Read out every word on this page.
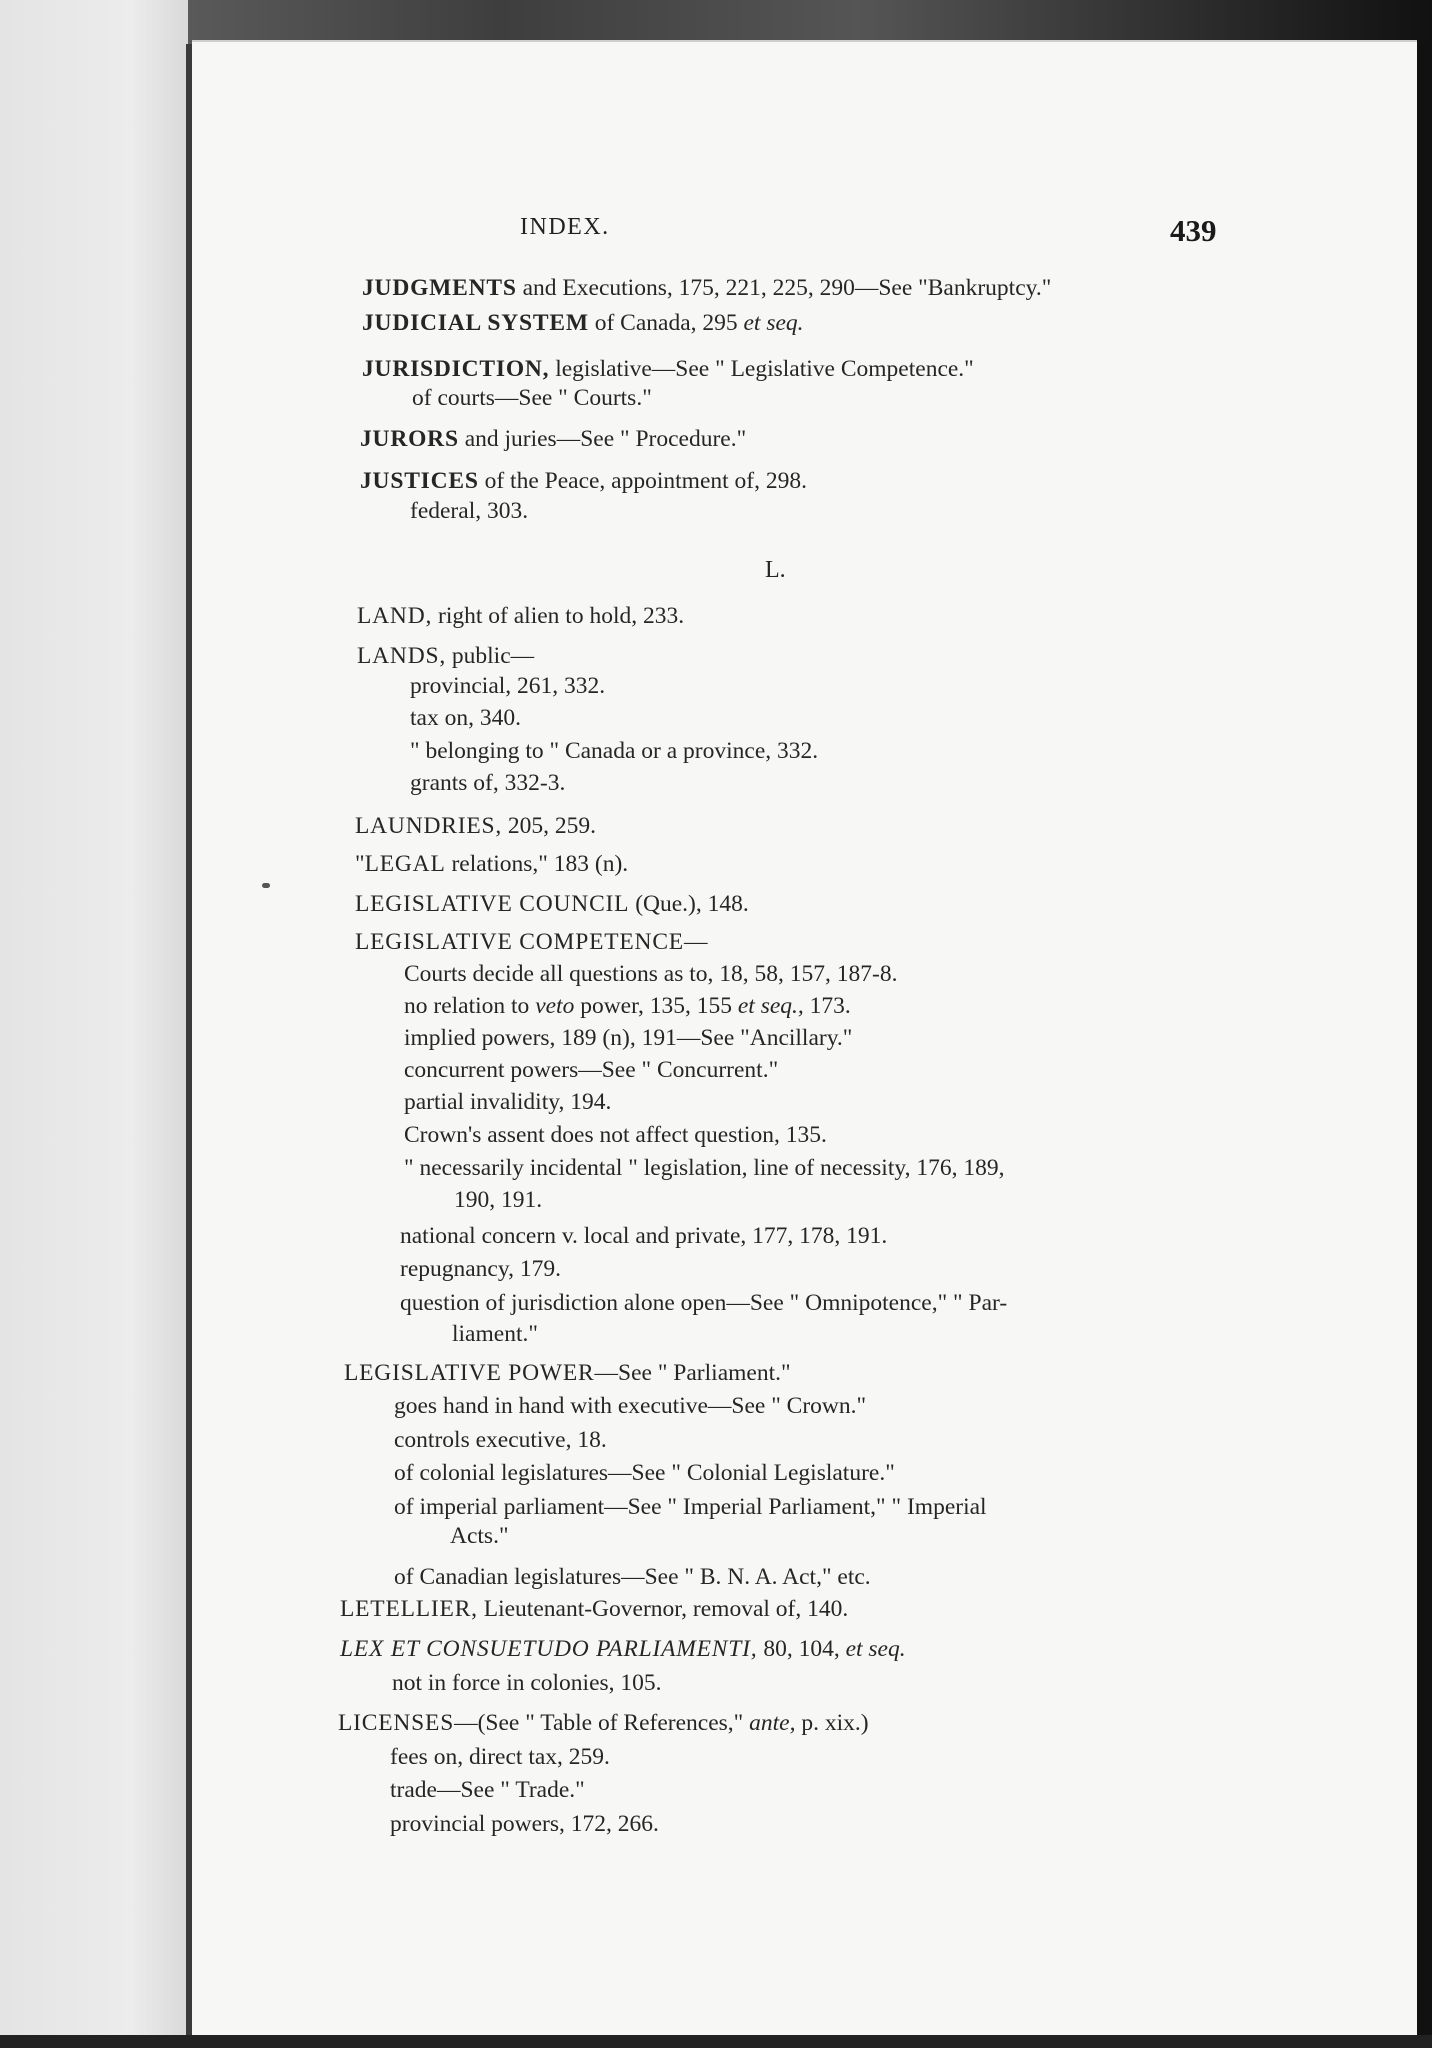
INDEX.	439
JUDGMENTS and Executions, 175, 221, 225, 290—See "Bankruptcy."
JUDICIAL SYSTEM of Canada, 295 et seq.
JURISDICTION, legislative—See " Legislative Competence."
of courts—See " Courts."
JURORS and juries—See " Procedure."
JUSTICES of the Peace, appointment of, 298.
federal, 303.
L.
LAND, right of alien to hold, 233.
LANDS, public—
provincial, 261, 332.
tax on, 340.
" belonging to " Canada or a province, 332.
grants of, 332-3.
LAUNDRIES, 205, 259.
"LEGAL relations," 183 (n).
LEGISLATIVE COUNCIL (Que.), 148.
LEGISLATIVE COMPETENCE—
Courts decide all questions as to, 18, 58, 157, 187-8.
no relation to veto power, 135, 155 et seq., 173.
implied powers, 189 (n), 191—See "Ancillary."
concurrent powers—See " Concurrent."
partial invalidity, 194.
Crown's assent does not affect question, 135.
" necessarily incidental " legislation, line of necessity, 176, 189,
190, 191.
national concern v. local and private, 177, 178, 191.
repugnancy, 179.
question of jurisdiction alone open—See " Omnipotence," " Par-
liament."
LEGISLATIVE POWER—See " Parliament."
goes hand in hand with executive—See " Crown."
controls executive, 18.
of colonial legislatures—See " Colonial Legislature."
of imperial parliament—See " Imperial Parliament," " Imperial
Acts."
of Canadian legislatures—See " B. N. A. Act," etc.
LETELLIER, Lieutenant-Governor, removal of, 140.
LEX ET CONSUETUDO PARLIAMENTI, 80, 104, et seq.
not in force in colonies, 105.
LICENSES—(See " Table of References," ante, p. xix.)
fees on, direct tax, 259.
trade—See " Trade."
provincial powers, 172, 266.
